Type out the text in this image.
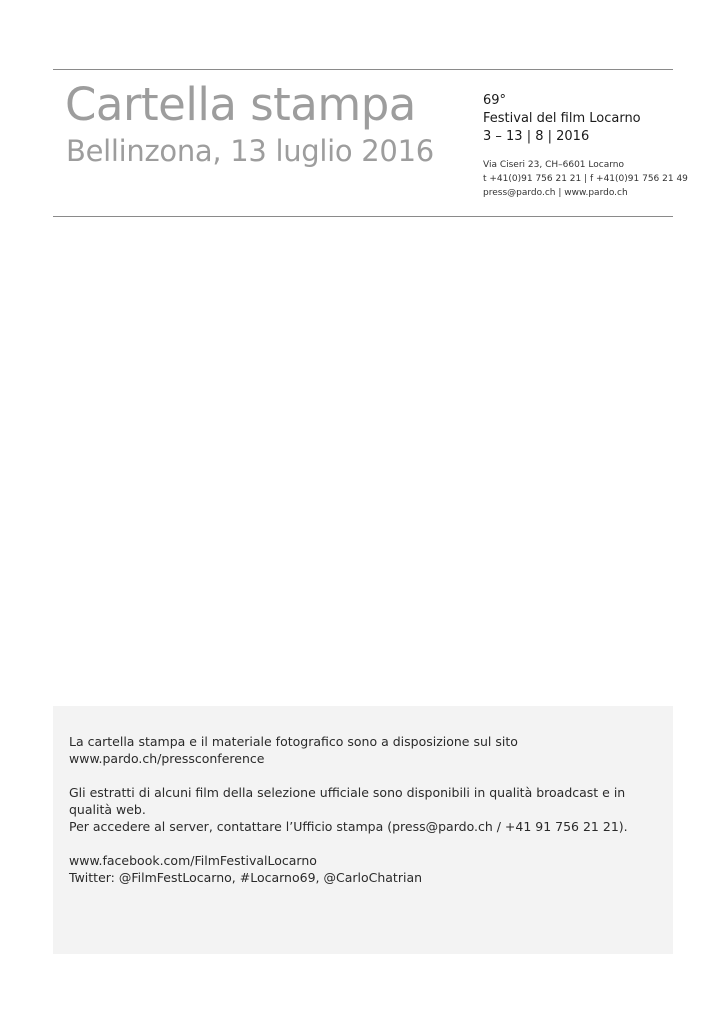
Cartella stampa
Bellinzona, 13 luglio 2016
69°
Festival del film Locarno
3 – 13 | 8 | 2016
Via Ciseri 23, CH–6601 Locarno
t +41(0)91 756 21 21 | f +41(0)91 756 21 49
press@pardo.ch | www.pardo.ch

La cartella stampa e il materiale fotografico sono a disposizione sul sito
www.pardo.ch/pressconference

Gli estratti di alcuni film della selezione ufficiale sono disponibili in qualità broadcast e in qualità web.
Per accedere al server, contattare l’Ufficio stampa (press@pardo.ch / +41 91 756 21 21).

www.facebook.com/FilmFestivalLocarno
Twitter: @FilmFestLocarno, #Locarno69, @CarloChatrian
